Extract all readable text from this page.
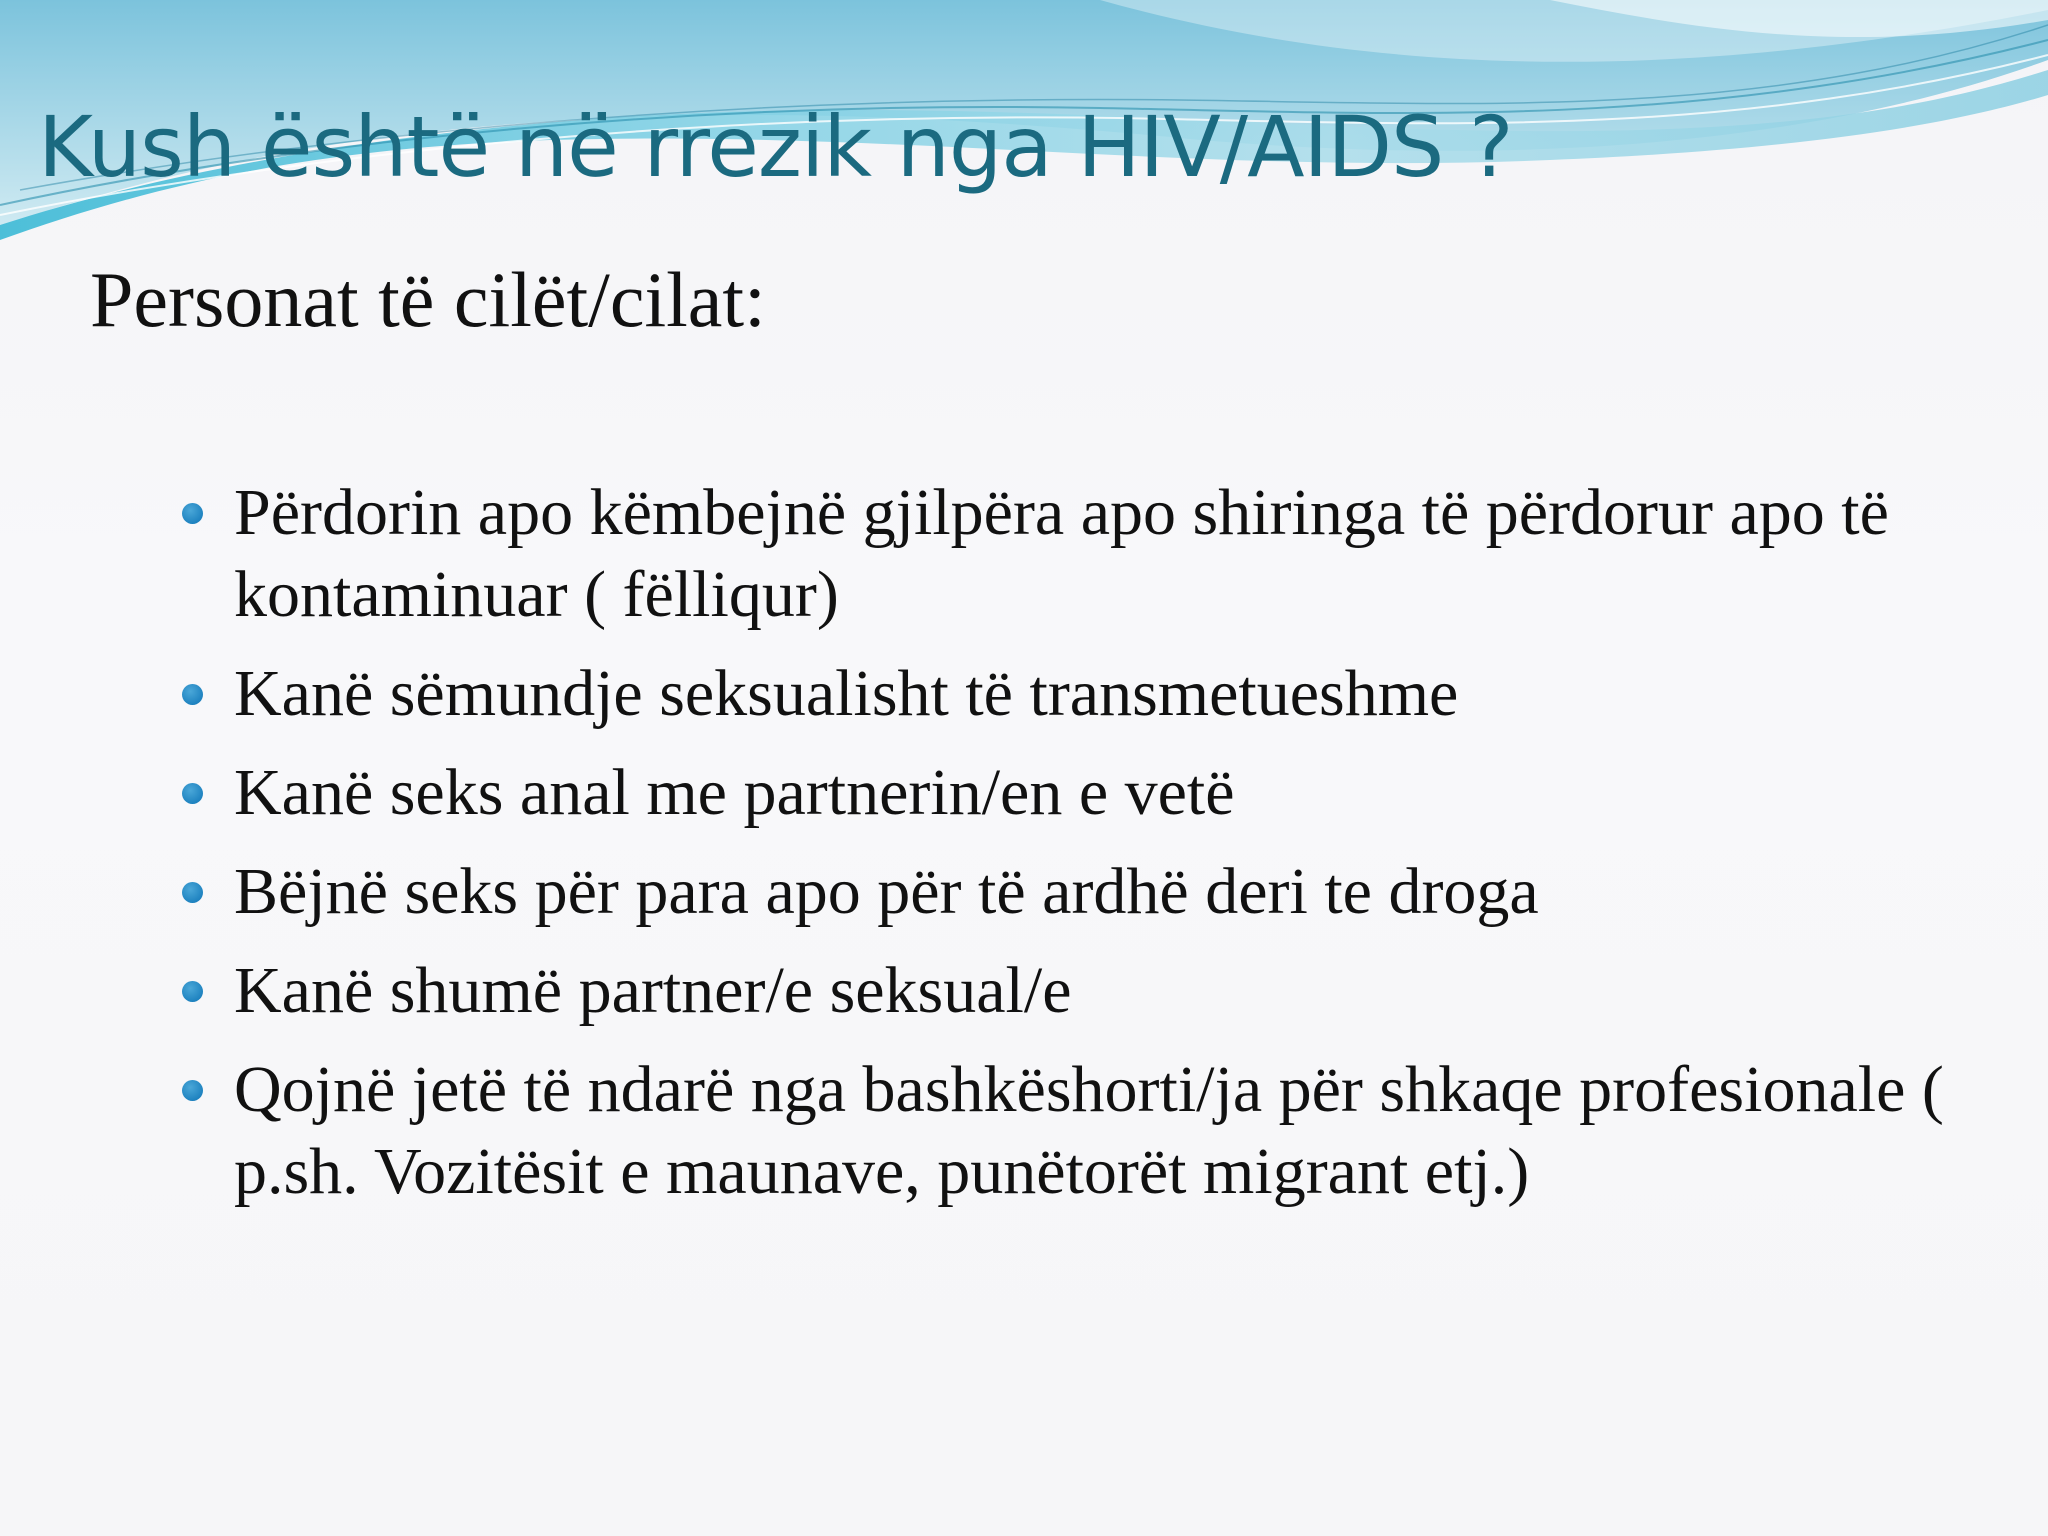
Kush është në rrezik nga HIV/AIDS ?

Personat të cilët/cilat:

Përdorin apo këmbejnë gjilpëra apo shiringa të përdorur apo të kontaminuar ( fëlliqur)
Kanë sëmundje seksualisht të transmetueshme
Kanë seks anal me partnerin/en e vetë
Bëjnë seks për para apo për të ardhë deri te droga
Kanë shumë partner/e seksual/e
Qojnë jetë të ndarë nga bashkëshorti/ja për shkaqe profesionale ( p.sh. Vozitësit e maunave, punëtorët migrant etj.)
